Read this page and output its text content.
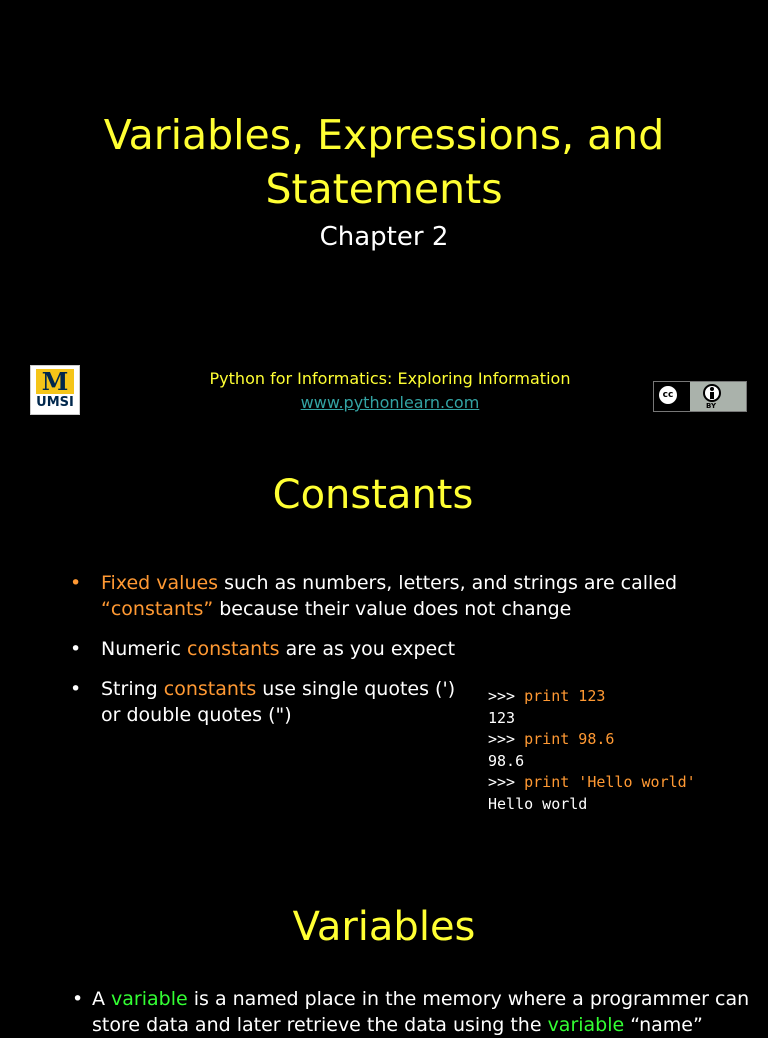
Variables, Expressions, and
Statements
Chapter 2
M
UMSI
Python for Informatics: Exploring Information
www.pythonlearn.com	cc
BY
Constants
• Fixed values such as numbers, letters, and strings are called
“constants” because their value does not change
• Numeric constants are as you expect
• String constants use single quotes (')
or double quotes (")
>>> print 123
123
>>> print 98.6
98.6
>>> print 'Hello world'
Hello world
Variables
• A variable is a named place in the memory where a programmer can
store data and later retrieve the data using the variable “name”
